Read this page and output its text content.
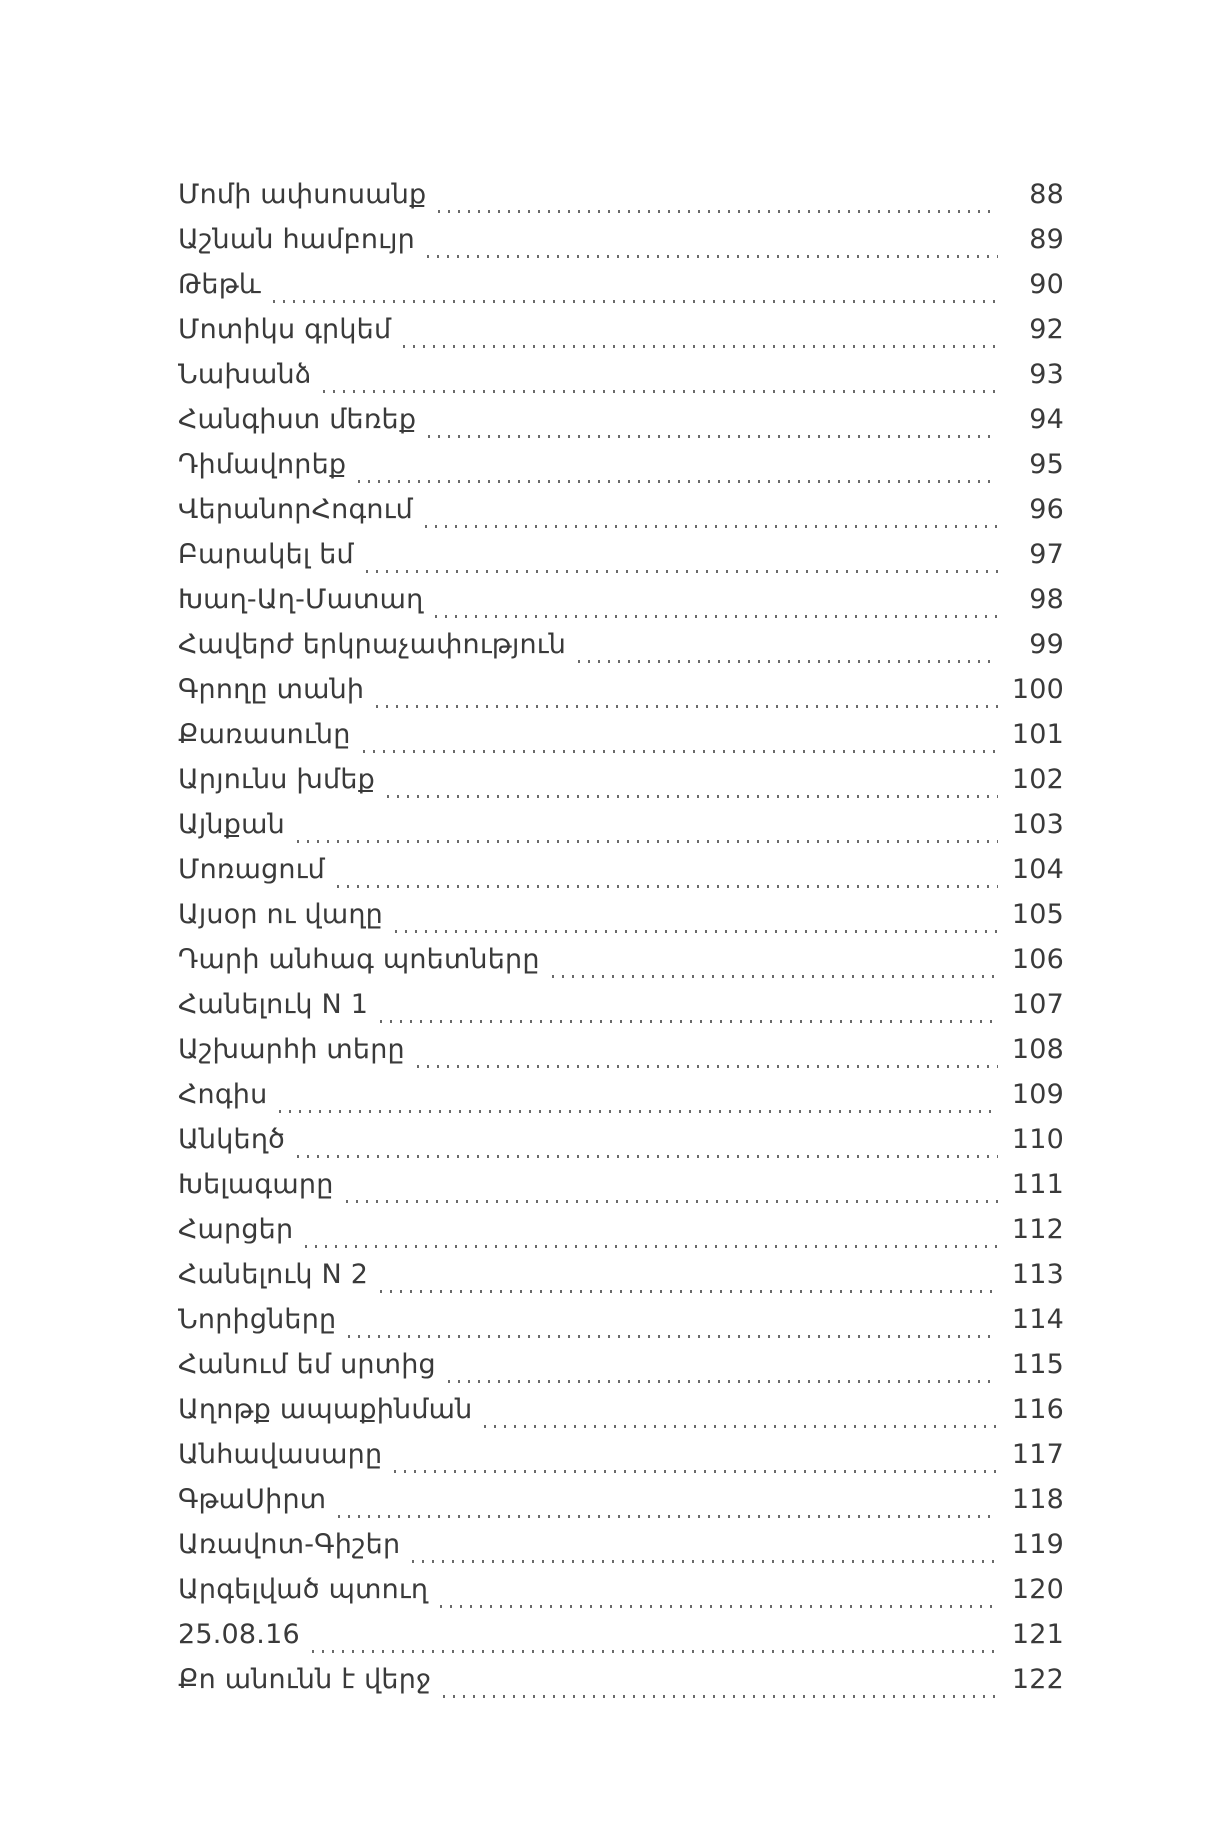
Մոմի ափսոսանք	88
Աշնան համբույր	89
Թեթև	90
Մոտիկս գրկեմ	92
Նախանձ	93
Հանգիստ մեռեք	94
Դիմավորեք	95
ՎերանորՀոգում	96
Բարակել եմ	97
Խաղ-Աղ-Մատաղ	98
Հավերժ երկրաչափություն	99
Գրողը տանի	100
Քառասունը	101
Արյունս խմեք	102
Այնքան	103
Մոռացում	104
Այսօր ու վաղը	105
Դարի անհագ պոետները	106
Հանելուկ N 1	107
Աշխարհի տերը	108
Հոգիս	109
Անկեղծ	110
Խելագարը	111
Հարցեր	112
Հանելուկ N 2	113
Նորիցները	114
Հանում եմ սրտից	115
Աղոթք ապաքինման	116
Անհավասարը	117
ԳթաՍիրտ	118
Առավոտ-Գիշեր	119
Արգելված պտուղ	120
25.08.16	121
Քո անունն է վերջ	122
